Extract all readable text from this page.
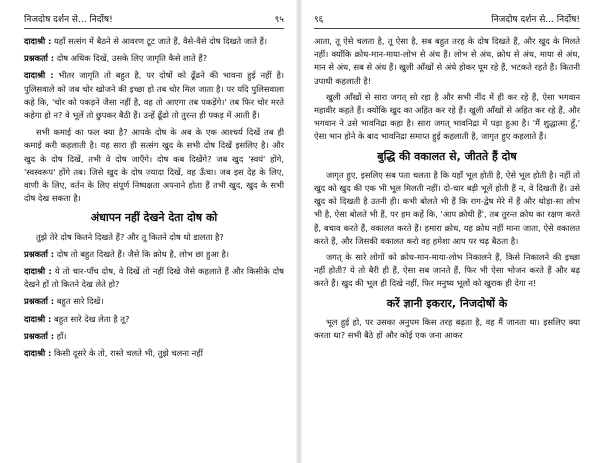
निजदोष दर्शन से... निर्दोष!	९५

दादाश्री : यहाँ सत्संग में बैठने से आवरण टूट जाते हैं, वैसे-वैसे दोष दिखते जाते हैं।

प्रश्नकर्ता : दोष अधिक दिखें, उसके लिए जागृति कैसे लाते हैं?

दादाश्री : भीतर जागृति तो बहुत है, पर दोषों को ढूँढने की भावना हुई नहीं है। पुलिसवाले को जब चोर खोजने की इच्छा हो तब चोर मिल जाता है। पर यदि पुलिसवाला कहे कि, 'चोर को पकड़ने जैसा नहीं है, वह तो आएगा तब पकड़ेंगे।' तब फिर चोर मरते कहेगा हो न? वे भूलें तो छुपकर बैठी हैं। उन्हें ढूँढो तो तुरन्त ही पकड़ में आती हैं।

सभी कमाई का फल क्या है? आपके दोष के अब के एक आश्चर्य दिखें तब ही कमाई करी कहलाती है। यह सारा ही सत्संग खुद के सभी दोष दिखें इसलिए है। और खुद के दोष दिखें, तभी वे दोष जाएँगे। दोष कब दिखेंगे? जब खुद 'स्वयं' होंगे, 'स्वस्वरूप' होंगे तब। जिसे खुद के दोष ज्यादा दिखें, वह ऊँचा। जब इस देह के लिए, वाणी के लिए, वर्तन के लिए संपूर्ण निष्पक्षता अपनाने होता हैं तभी खुद, खुद के सभी दोष देख सकता है।

अंधापन नहीं देखने देता दोष को

तुझे तेरे दोष कितने दिखते हैं? और तू कितने दोष धो डालता है?

प्रश्नकर्ता : दोष तो बहुत दिखते हैं। जैसे कि क्रोध है, लोभ छा हुआ है।

दादाश्री : ये तो चार-पाँच दोष, वे दिखें तो नहीं दिखे जैसे कहलाते हैं और किसीके दोष देखने हों तो कितने देख लेते हो?

प्रश्नकर्ता : बहुत सारे दिखें।

दादाश्री : बहुत सारे देख लेता है तू?

प्रश्नकर्ता : हाँ।

दादाश्री : किसी दूसरे के तो, रास्ते चलते भी, तुझे चलना नहीं

९६	निजदोष दर्शन से... निर्दोष!

आता, तू ऐसे चलता है, तू ऐसा है, सब बहुत तरह के दोष दिखते हैं, और खुद के मिलते नहीं। क्योंकि क्रोध-मान-माया-लोभ से अंध हैं। लोभ से अंध, क्रोध से अंध, माया से अंध, मान से अंध, सब से अंध हैं। खुली आँखों से अंधे होकर घूम रहे हैं, भटकते रहते हैं। कितनी उपाधी कहलाती है!

खुली आँखों से सारा जगत् सो रहा है और सभी नींद में ही कर रहे हैं, ऐसा भगवान महावीर कहते हैं। क्योंकि खुद का अहित कर रहे हैं। खुली आँखों से अहित कर रहे हैं, और भगवान ने उसे भावनिद्रा कहा है। सारा जगत् भावनिद्रा में पड़ा हुआ है। 'मैं शुद्धात्मा हूँ,' ऐसा भान होने के बाद भावनिद्रा समाप्त हुई कहलाती है, जागृत हुए कहलाते हैं।

बुद्धि की वकालत से, जीतते हैं दोष

जागृत हुए, इसलिए सब पता चलता है कि यहाँ भूल होती है, ऐसे भूल होती है। नहीं तो खुद को खुद की एक भी भूल मिलती नहीं। दो-चार बड़ी भूलें होती हैं न, वे दिखती हैं। उसे खुद को दिखती है उतनी ही। कभी बोलते भी हैं कि राग-द्वेष मेरे में हैं और थोड़ा-सा लोभ भी है, ऐसा बोलते भी हैं, पर हम कहें कि, 'आप क्रोधी हैं', तब तुरन्त क्रोध का रक्षण करते हैं, बचाव करते हैं, वकालत करते हैं। हमारा क्रोध, यह क्रोध नहीं माना जाता, ऐसे वकालत करते हैं, और जिसकी वकालत करो वह हमेशा आप पर चढ़ बैठता है।

जगत् के सारे लोगों को क्रोध-मान-माया-लोभ निकालने हैं, किसे निकालने की इच्छा नहीं होती? ये तो बैरी ही हैं, ऐसा सब जानते हैं, फिर भी ऐसा भोजन करते हैं और बढ़ करते हैं। खुद की भूल ही दिखे नहीं, फिर मनुष्य भूलों को खुराक ही देगा न!

करें ज्ञानी इकरार, निजदोषों के

भूल हुई हो, पर उसका अनुपम किस तरह बढ़ता है, वह मैं जानता था। इसलिए क्या करता था? सभी बैठे हों और कोई एक जना आकर
